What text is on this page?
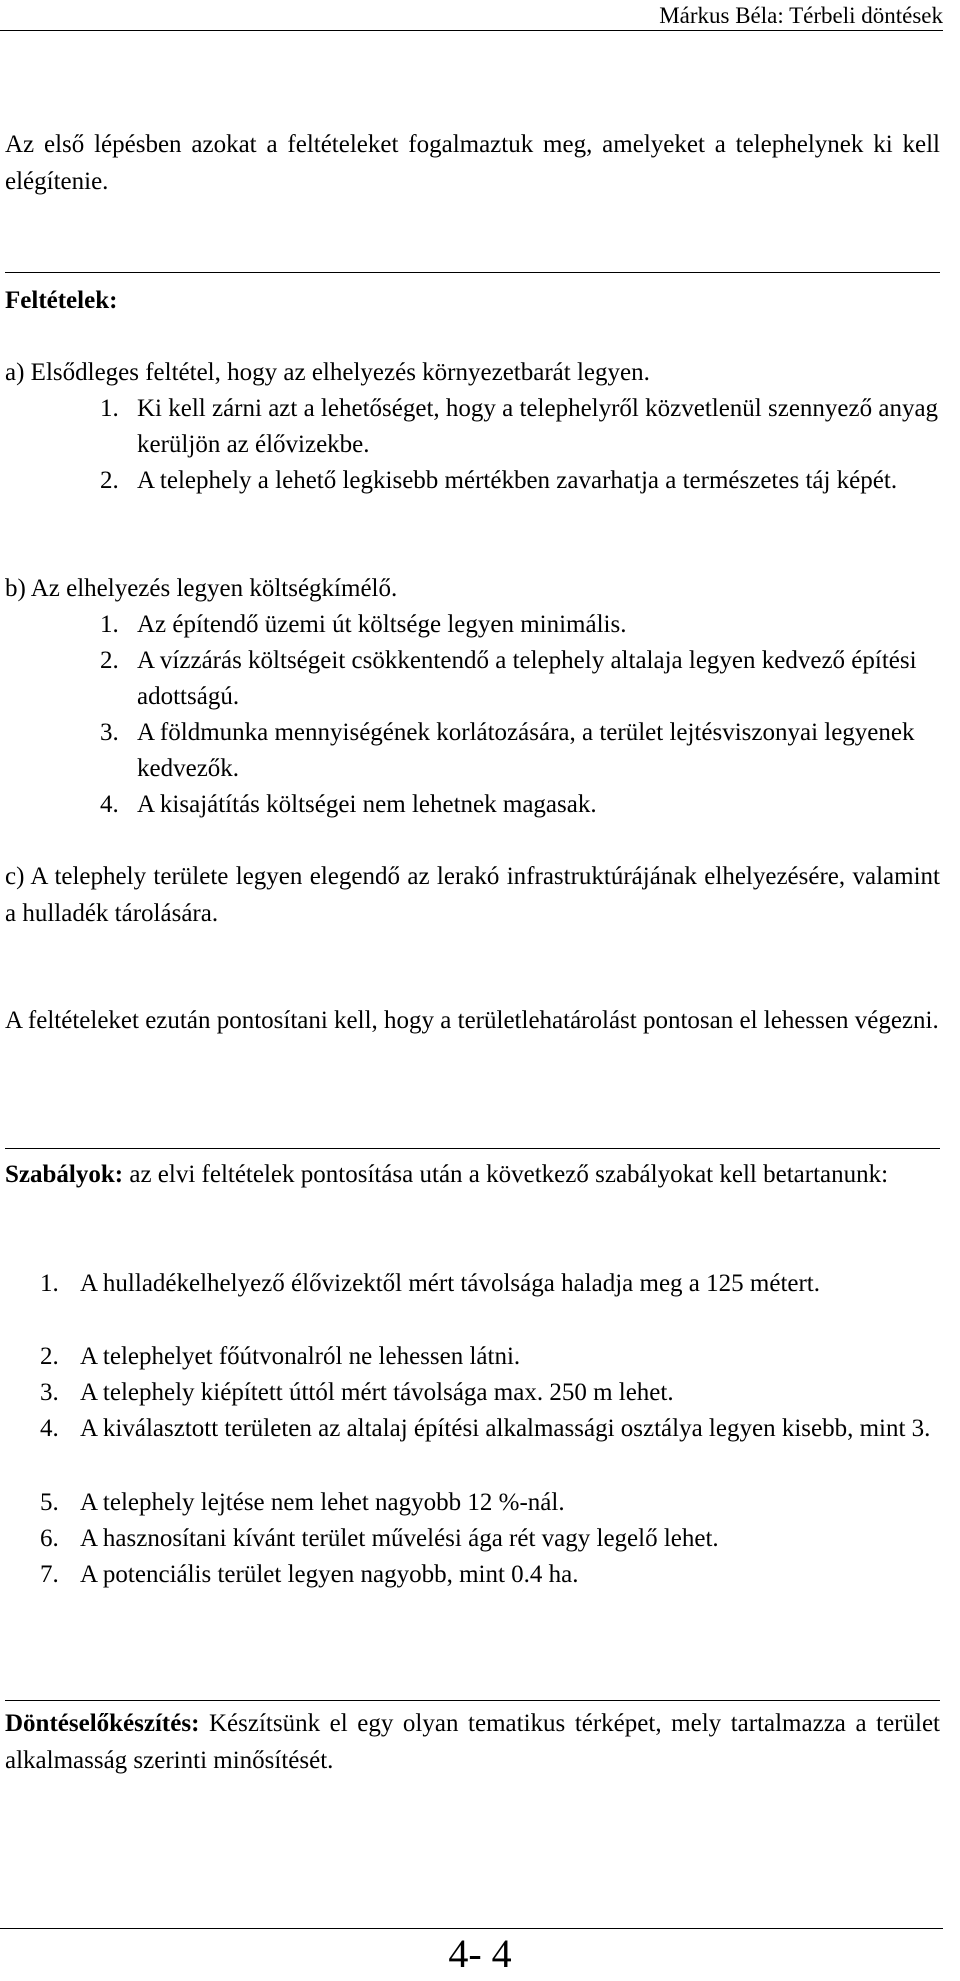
Márkus Béla: Térbeli döntések
Az első lépésben azokat a feltételeket fogalmaztuk meg, amelyeket a telephelynek ki kell elégítenie.
Feltételek:
a) Elsődleges feltétel, hogy az elhelyezés környezetbarát legyen.
1. Ki kell zárni azt a lehetőséget, hogy a telephelyről közvetlenül szennyező anyag kerüljön az élővizekbe.
2. A telephely a lehető legkisebb mértékben zavarhatja a természetes táj képét.
b) Az elhelyezés legyen költségkímélő.
1. Az építendő üzemi út költsége legyen minimális.
2. A vízzárás költségeit csökkentendő a telephely altalaja legyen kedvező építési adottságú.
3. A földmunka mennyiségének korlátozására, a terület lejtésviszonyai legyenek kedvezők.
4. A kisajátítás költségei nem lehetnek magasak.
c) A telephely területe legyen elegendő az lerakó infrastruktúrájának elhelyezésére, valamint a hulladék tárolására.
A feltételeket ezután pontosítani kell, hogy a területlehatárolást pontosan el lehessen végezni.
Szabályok: az elvi feltételek pontosítása után a következő szabályokat kell betartanunk:
1. A hulladékelhelyező élővizektől mért távolsága haladja meg a 125 métert.
2. A telephelyet főútvonalról ne lehessen látni.
3. A telephely kiépített úttól mért távolsága max. 250 m lehet.
4. A kiválasztott területen az altalaj építési alkalmassági osztálya legyen kisebb, mint 3.
5. A telephely lejtése nem lehet nagyobb 12 %-nál.
6. A hasznosítani kívánt terület művelési ága rét vagy legelő lehet.
7. A potenciális terület legyen nagyobb, mint 0.4 ha.
Döntéselőkészítés: Készítsünk el egy olyan tematikus térképet, mely tartalmazza a terület alkalmasság szerinti minősítését.
4- 4
